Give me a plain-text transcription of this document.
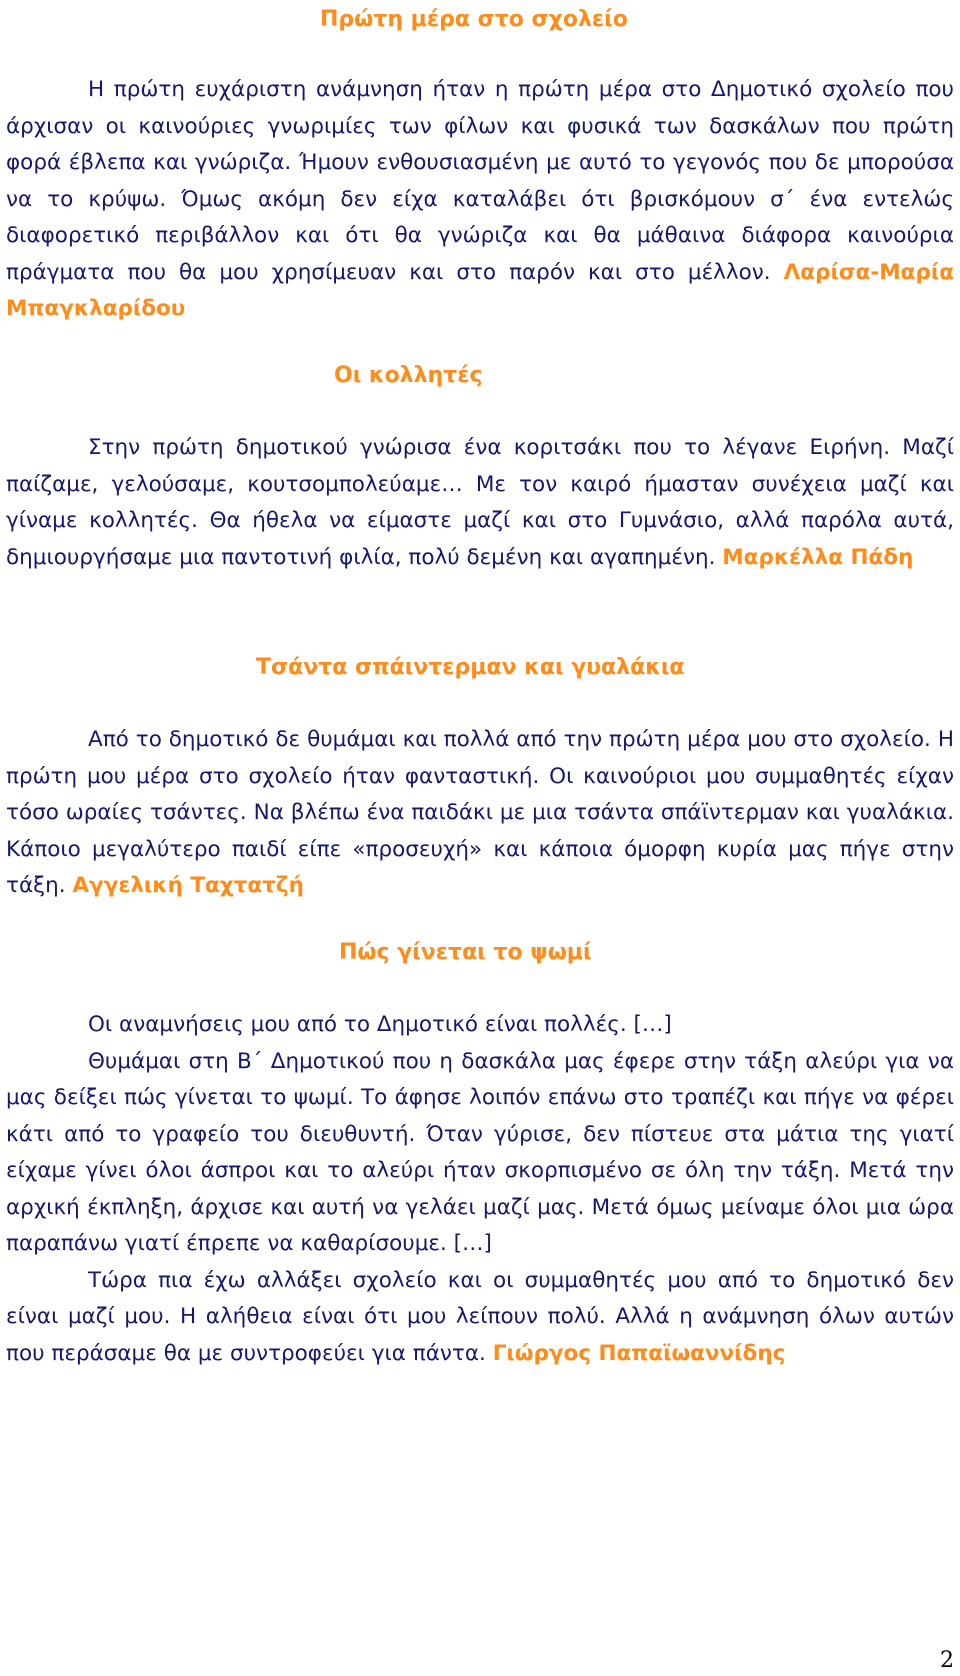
Πρώτη μέρα στο σχολείο

Η πρώτη ευχάριστη ανάμνηση ήταν η πρώτη μέρα στο Δημοτικό σχολείο που άρχισαν οι καινούριες γνωριμίες των φίλων και φυσικά των δασκάλων που πρώτη φορά έβλεπα και γνώριζα. Ήμουν ενθουσιασμένη με αυτό το γεγονός που δε μπορούσα να το κρύψω. Όμως ακόμη δεν είχα καταλάβει ότι βρισκόμουν σ΄ ένα εντελώς διαφορετικό περιβάλλον και ότι θα γνώριζα και θα μάθαινα διάφορα καινούρια πράγματα που θα μου χρησίμευαν και στο παρόν και στο μέλλον. Λαρίσα-Μαρία Μπαγκλαρίδου

Οι κολλητές

Στην πρώτη δημοτικού γνώρισα ένα κοριτσάκι που το λέγανε Ειρήνη. Μαζί παίζαμε, γελούσαμε, κουτσομπολεύαμε… Με τον καιρό ήμασταν συνέχεια μαζί και γίναμε κολλητές. Θα ήθελα να είμαστε μαζί και στο Γυμνάσιο, αλλά παρόλα αυτά, δημιουργήσαμε μια παντοτινή φιλία, πολύ δεμένη και αγαπημένη. Μαρκέλλα Πάδη

Τσάντα σπάιντερμαν και γυαλάκια

Από το δημοτικό δε θυμάμαι και πολλά από την πρώτη μέρα μου στο σχολείο. Η πρώτη μου μέρα στο σχολείο ήταν φανταστική. Οι καινούριοι μου συμμαθητές είχαν τόσο ωραίες τσάντες. Να βλέπω ένα παιδάκι με μια τσάντα σπάϊντερμαν και γυαλάκια. Κάποιο μεγαλύτερο παιδί είπε «προσευχή» και κάποια όμορφη κυρία μας πήγε στην τάξη. Αγγελική Ταχτατζή

Πώς γίνεται το ψωμί

Οι αναμνήσεις μου από το Δημοτικό είναι πολλές. […]

Θυμάμαι στη Β΄ Δημοτικού που η δασκάλα μας έφερε στην τάξη αλεύρι για να μας δείξει πώς γίνεται το ψωμί. Το άφησε λοιπόν επάνω στο τραπέζι και πήγε να φέρει κάτι από το γραφείο του διευθυντή. Όταν γύρισε, δεν πίστευε στα μάτια της γιατί είχαμε γίνει όλοι άσπροι και το αλεύρι ήταν σκορπισμένο σε όλη την τάξη. Μετά την αρχική έκπληξη, άρχισε και αυτή να γελάει μαζί μας. Μετά όμως μείναμε όλοι μια ώρα παραπάνω γιατί έπρεπε να καθαρίσουμε. […]

Τώρα πια έχω αλλάξει σχολείο και οι συμμαθητές μου από το δημοτικό δεν είναι μαζί μου. Η αλήθεια είναι ότι μου λείπουν πολύ. Αλλά η ανάμνηση όλων αυτών που περάσαμε θα με συντροφεύει για πάντα. Γιώργος Παπαϊωαννίδης

2
